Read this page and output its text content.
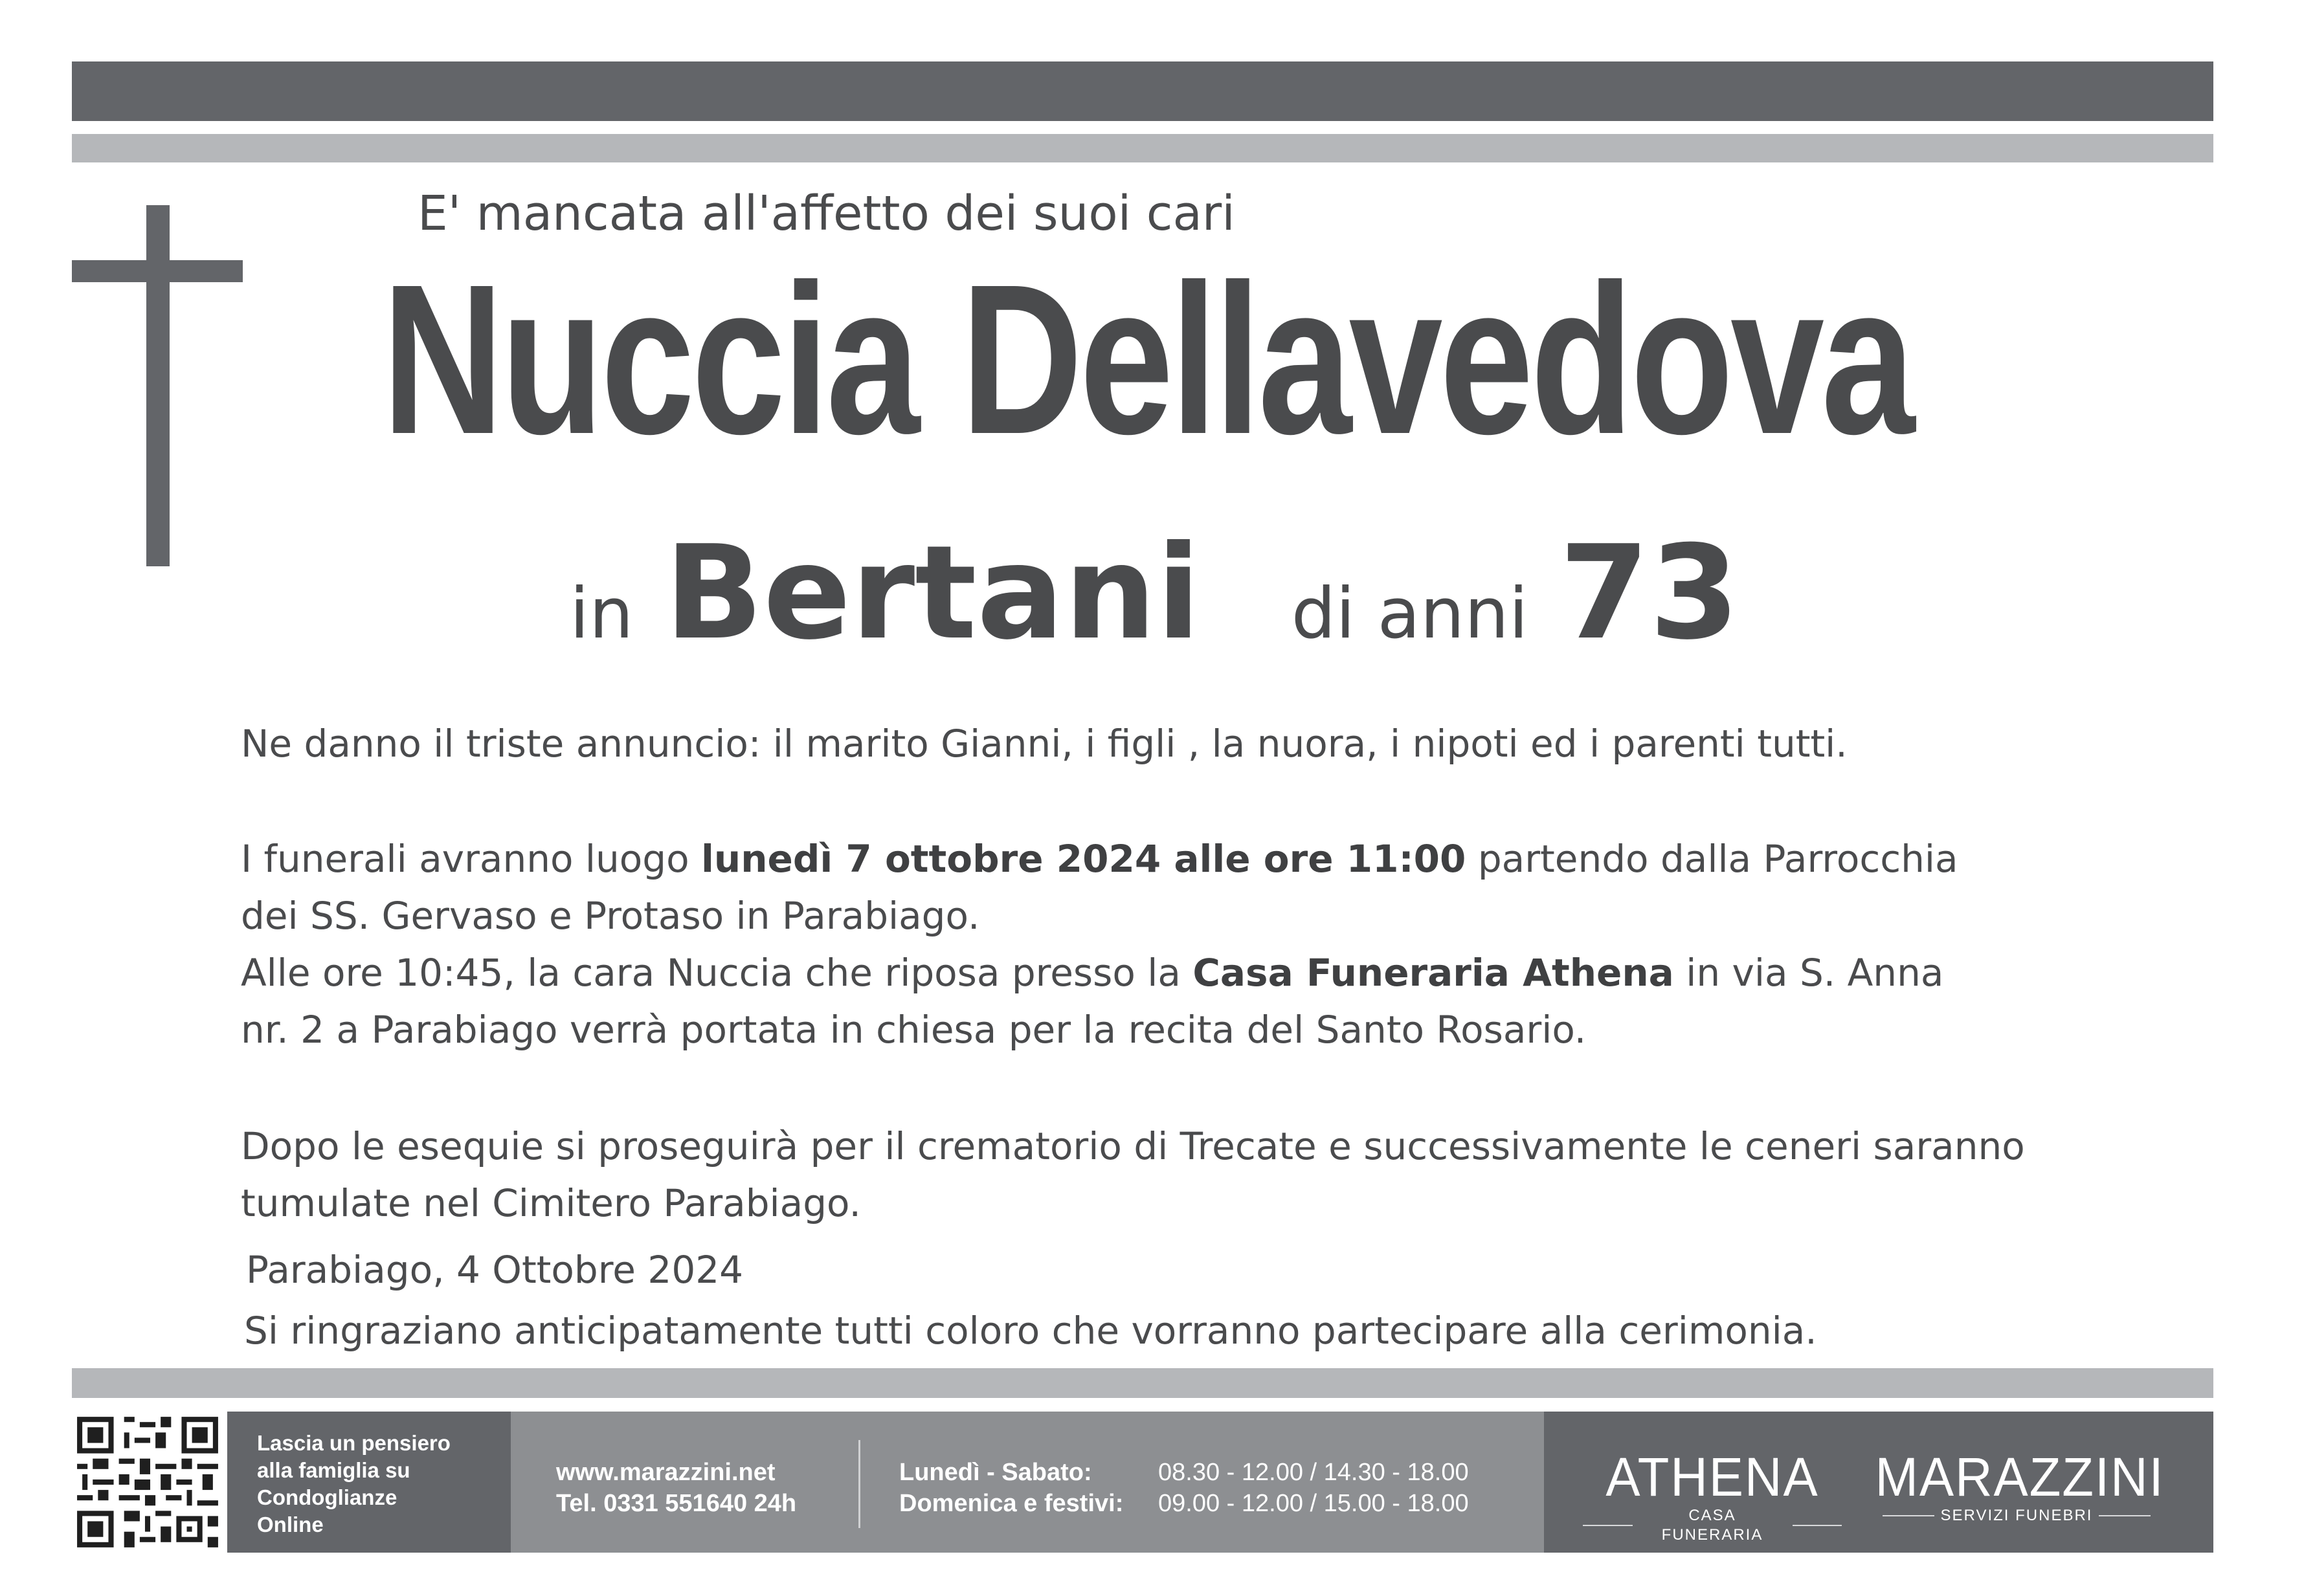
E' mancata all'affetto dei suoi cari
Nuccia Dellavedova
in Bertani di anni 73

Ne danno il triste annuncio: il marito Gianni, i figli , la nuora, i nipoti ed i parenti tutti.

I funerali avranno luogo lunedì 7 ottobre 2024 alle ore 11:00 partendo dalla Parrocchia

dei SS. Gervaso e Protaso in Parabiago.

Alle ore 10:45, la cara Nuccia che riposa presso la Casa Funeraria Athena in via S. Anna

nr. 2 a Parabiago verrà portata in chiesa per la recita del Santo Rosario.

Dopo le esequie si proseguirà per il crematorio di Trecate e successivamente le ceneri saranno

tumulate nel Cimitero Parabiago.

Parabiago, 4 Ottobre 2024
Si ringraziano anticipatamente tutti coloro che vorranno partecipare alla cerimonia.
Lascia un pensiero
alla famiglia su
Condoglianze
Online
www.marazzini.net
Tel. 0331 551640 24h
Lunedì - Sabato:	08.30 - 12.00 / 14.30 - 18.00
Domenica e festivi: 09.00 - 12.00 / 15.00 - 18.00	ATHENA
CASA FUNERARIA
MARAZZINI
SERVIZI FUNEBRI
